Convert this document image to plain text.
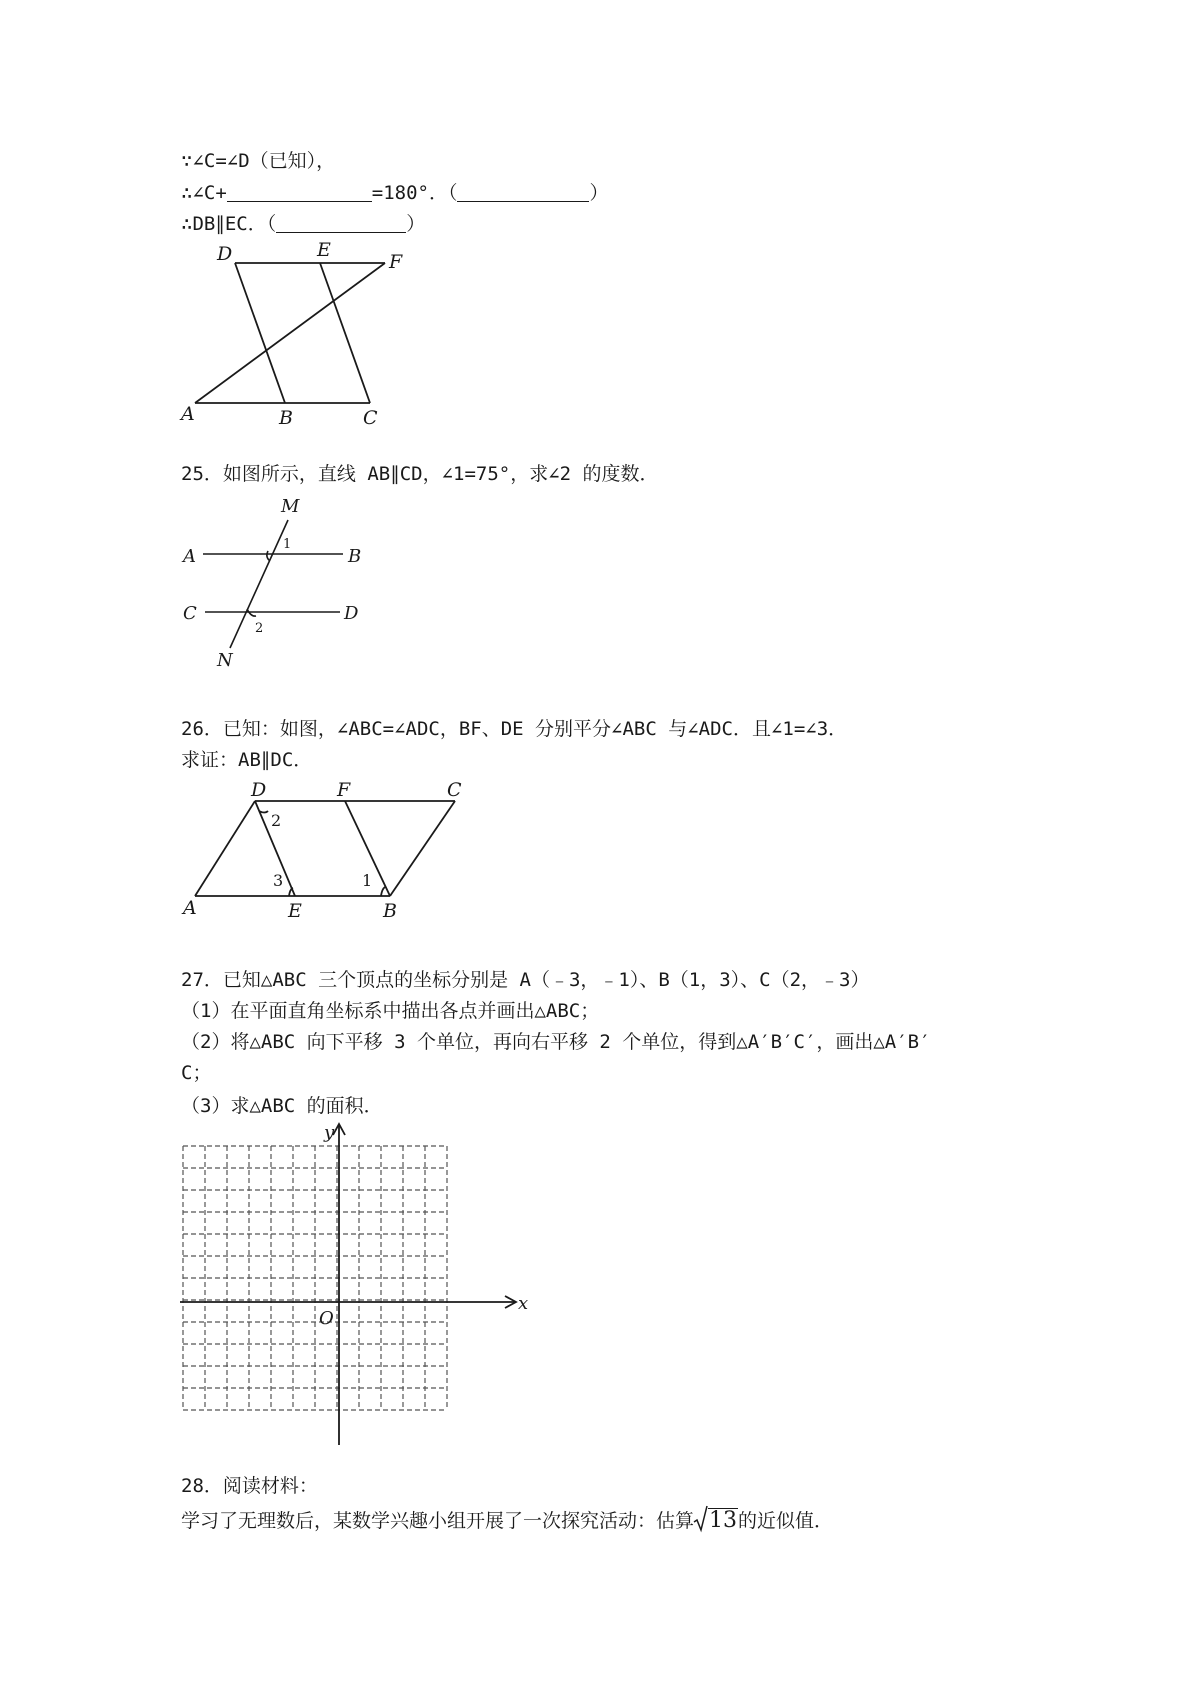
∵∠C=∠D（已知），
∴∠C+	=180°．（	）
∴DB∥EC．（	）
D	E
F
A	B	C
25．如图所示，直线 AB∥CD，∠1=75°，求∠2 的度数．
M
A	B
C	D
N
1
2
26．已知：如图，∠ABC=∠ADC，BF、DE 分别平分∠ABC 与∠ADC．且∠1=∠3．
求证：AB∥DC．
D	F	C
A	E	B
2
3	1
27．已知△ABC 三个顶点的坐标分别是 A（﹣3，﹣1）、B（1，3）、C（2，﹣3）
（1）在平面直角坐标系中描出各点并画出△ABC；
（2）将△ABC 向下平移 3 个单位，再向右平移 2 个单位，得到△A′B′C′，画出△A′B′
C；
（3）求△ABC 的面积．
y
x
O
28．阅读材料：
学习了无理数后，某数学兴趣小组开展了一次探究活动：估算 13的近似值．
